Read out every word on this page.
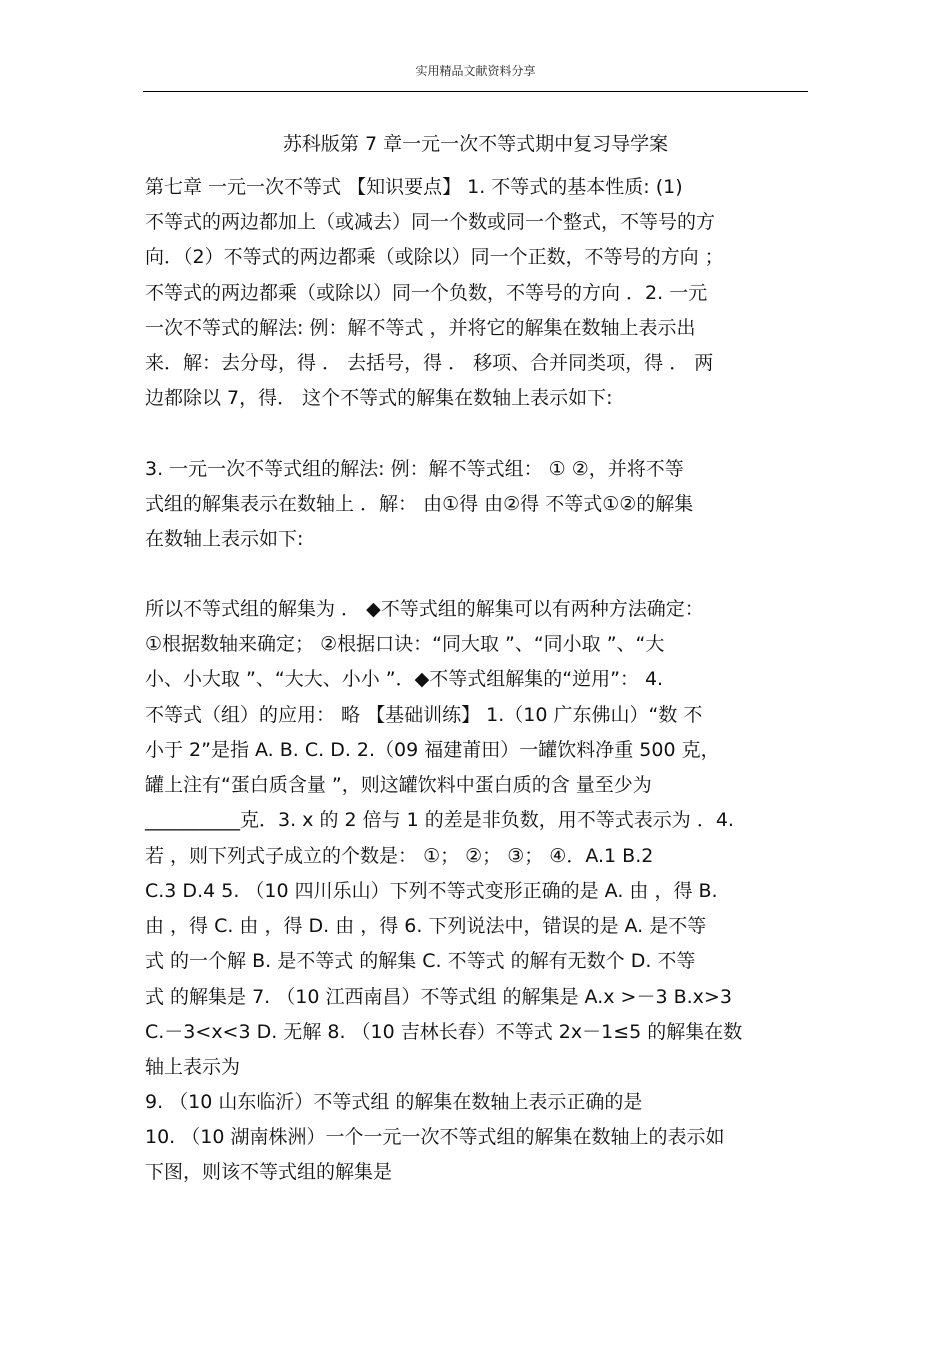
实用精品文献资料分享
苏科版第 7 章一元一次不等式期中复习导学案
第七章 一元一次不等式 【知识要点】 1. 不等式的基本性质: (1)
不等式的两边都加上（或减去）同一个数或同一个整式，不等号的方
向．（2）不等式的两边都乘（或除以）同一个正数，不等号的方向 ；
不等式的两边都乘（或除以）同一个负数，不等号的方向 ．2. 一元
一次不等式的解法: 例：解不等式 ，并将它的解集在数轴上表示出
来．解：去分母，得 ． 去括号，得 ． 移项、合并同类项，得 ． 两
边都除以 7，得． 这个不等式的解集在数轴上表示如下:
3. 一元一次不等式组的解法: 例：解不等式组： ① ②，并将不等
式组的解集表示在数轴上 ．解： 由①得 由②得 不等式①②的解集
在数轴上表示如下:
所以不等式组的解集为 ． ◆不等式组的解集可以有两种方法确定：
①根据数轴来确定； ②根据口诀：“同大取 ”、“同小取 ”、“大
小、小大取 ”、“大大、小小 ”．◆不等式组解集的“逆用”： 4.
不等式（组）的应用： 略 【基础训练】 1.（10 广东佛山）“数 不
小于 2”是指 A. B. C. D. 2.（09 福建莆田）一罐饮料净重 500 克，
罐上注有“蛋白质含量 ”，则这罐饮料中蛋白质的含 量至少为
__________克．3. x 的 2 倍与 1 的差是非负数，用不等式表示为 ．4.
若 ，则下列式子成立的个数是： ①； ②； ③； ④．A.1 B.2
C.3 D.4 5. （10 四川乐山）下列不等式变形正确的是 A. 由 ，得 B.
由 ，得 C. 由 ，得 D. 由 ，得 6. 下列说法中，错误的是 A. 是不等
式 的一个解 B. 是不等式 的解集 C. 不等式 的解有无数个 D. 不等
式 的解集是 7. （10 江西南昌）不等式组 的解集是 A.x >－3 B.x>3
C.－3<x<3 D. 无解 8. （10 吉林长春）不等式 2x－1≤5 的解集在数
轴上表示为
9. （10 山东临沂）不等式组 的解集在数轴上表示正确的是
10. （10 湖南株洲）一个一元一次不等式组的解集在数轴上的表示如
下图，则该不等式组的解集是
